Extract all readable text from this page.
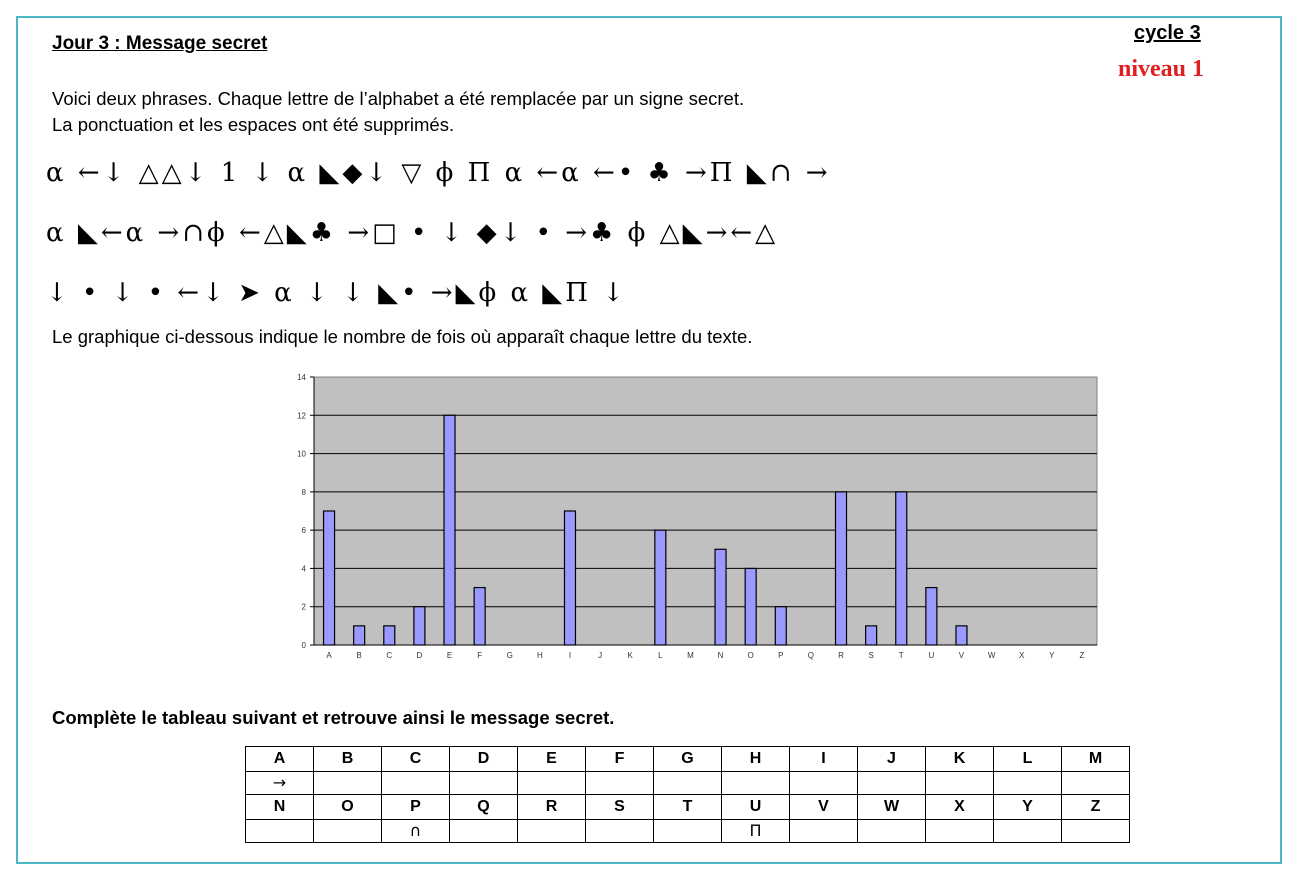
Jour 3 : Message secret	cycle 3
niveau 1
Voici deux phrases. Chaque lettre de l’alphabet a été remplacée par un signe secret.
La ponctuation et les espaces ont été supprimés.
α ←↓ △△↓ 1 ↓ α ◣◆↓ ▽ ϕ Π α ←α ←• ♣ →Π ◣∩ →
α ◣←α →∩ϕ ←△◣♣ →□ • ↓ ◆↓ • →♣ ϕ △◣→←△
↓ • ↓ • ←↓ ➤ α ↓ ↓ ◣• →◣ϕ α ◣Π ↓
Le graphique ci-dessous indique le nombre de fois où apparaît chaque lettre du texte.
0
2
4
6
8
10
12
14
A	B	C	D	E	F	G	H	I	J	K	L	M	N	O	P	Q	R	S	T	U	V	W	X	Y	Z
Complète le tableau suivant et retrouve ainsi le message secret.
A	B	C	D	E	F	G	H	I	J	K	L	M
→												
N	O	P	Q	R	S	T	U	V	W	X	Y	Z
		∩					Π					
